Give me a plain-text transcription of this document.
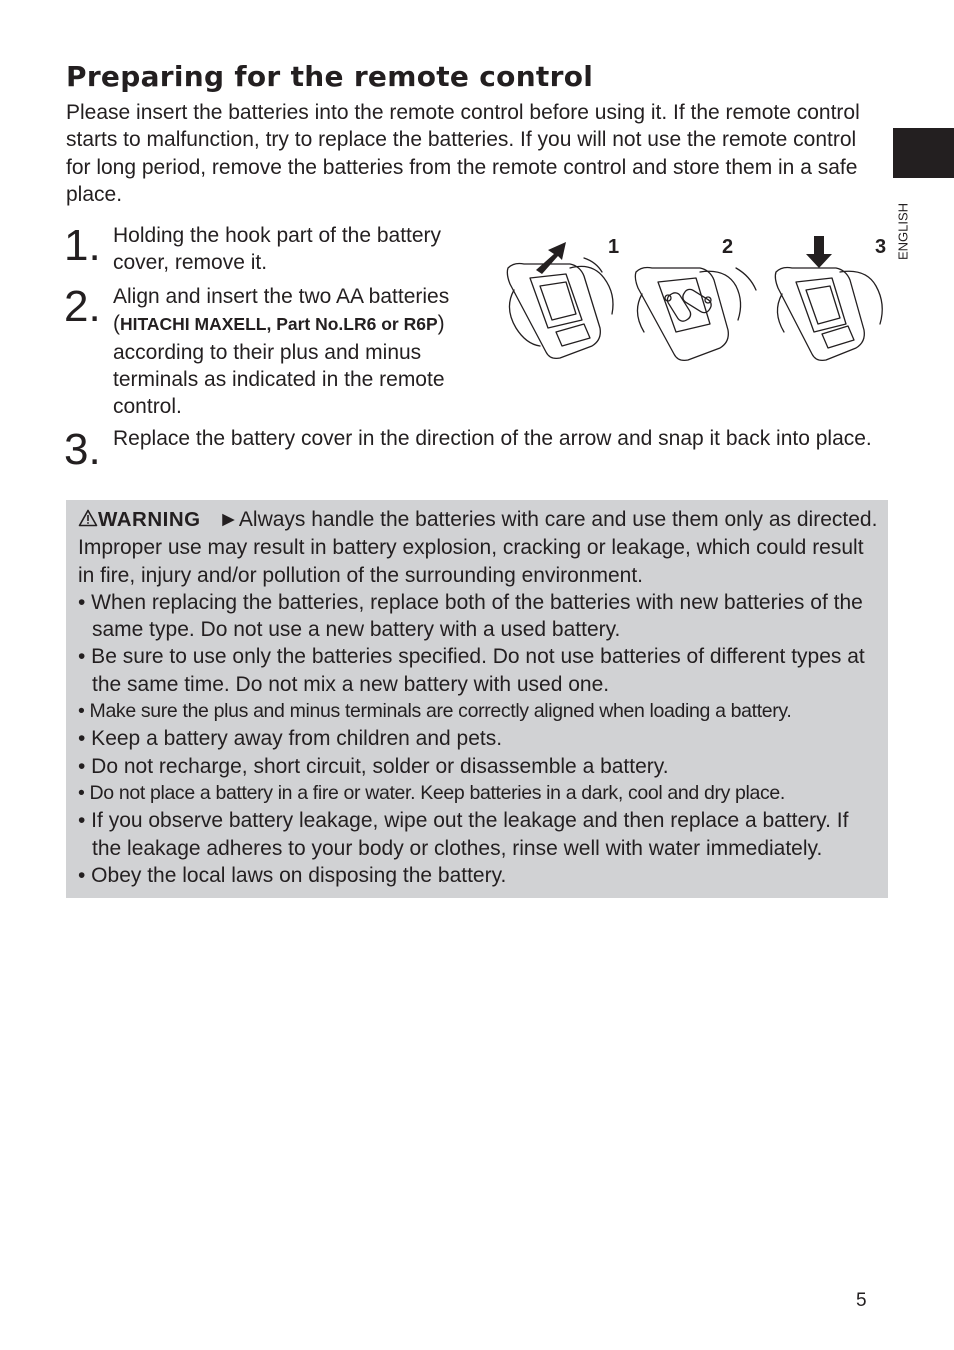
Preparing for the remote control

Please insert the batteries into the remote control before using it. If the remote control starts to malfunction, try to replace the batteries. If you will not use the remote control for long period, remove the batteries from the remote control and store them in a safe place.

ENGLISH
1. Holding the hook part of the battery cover, remove it.

2. Align and insert the two AA batteries (HITACHI MAXELL, Part No.LR6 or R6P) according to their plus and minus terminals as indicated in the remote control.

3. Replace the battery cover in the direction of the arrow and snap it back into place.

1	2	3
WARNING ►Always handle the batteries with care and use them only as directed. Improper use may result in battery explosion, cracking or leakage, which could result in fire, injury and/or pollution of the surrounding environment.
• When replacing the batteries, replace both of the batteries with new batteries of the same type. Do not use a new battery with a used battery.
• Be sure to use only the batteries specified. Do not use batteries of different types at the same time. Do not mix a new battery with used one.
• Make sure the plus and minus terminals are correctly aligned when loading a battery.
• Keep a battery away from children and pets.
• Do not recharge, short circuit, solder or disassemble a battery.
• Do not place a battery in a fire or water. Keep batteries in a dark, cool and dry place.
• If you observe battery leakage, wipe out the leakage and then replace a battery. If the leakage adheres to your body or clothes, rinse well with water immediately.
• Obey the local laws on disposing the battery.
5
